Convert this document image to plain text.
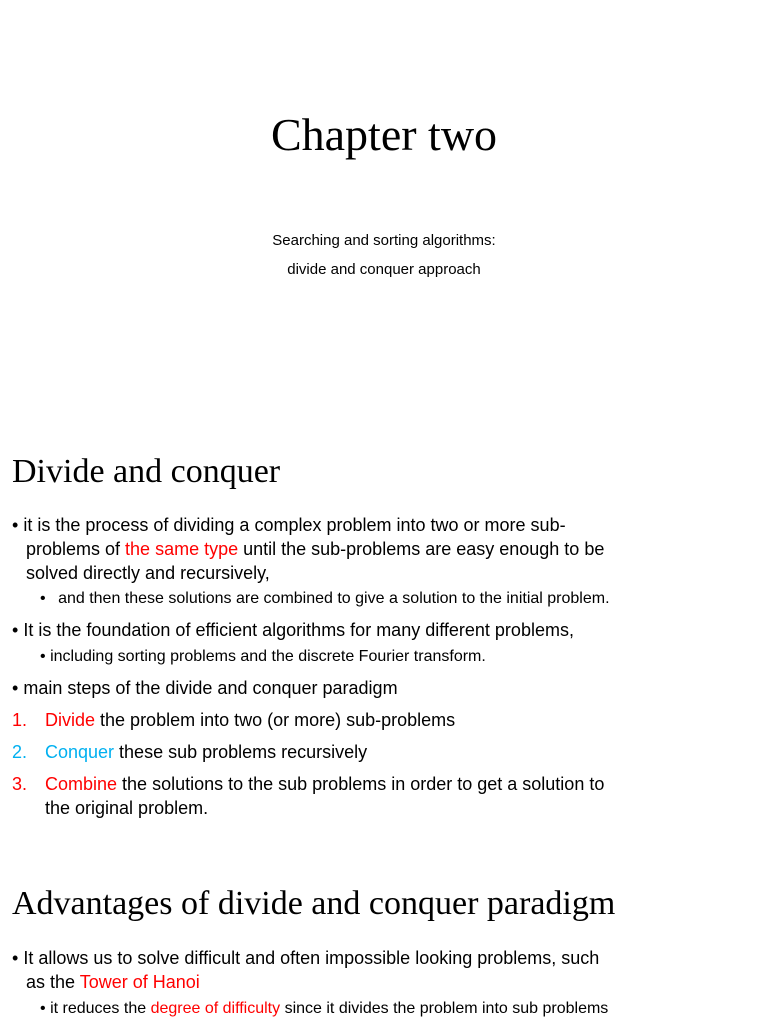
Chapter two
Searching and sorting algorithms:
divide and conquer approach
Divide and conquer
• it is the process of dividing a complex problem into two or more sub-
problems of the same type until the sub-problems are easy enough to be
solved directly and recursively,
• and then these solutions are combined to give a solution to the initial problem.
• It is the foundation of efficient algorithms for many different problems,
• including sorting problems and the discrete Fourier transform.
• main steps of the divide and conquer paradigm
1. Divide the problem into two (or more) sub-problems
2. Conquer these sub problems recursively
3. Combine the solutions to the sub problems in order to get a solution to
the original problem.
Advantages of divide and conquer paradigm
• It allows us to solve difficult and often impossible looking problems, such
as the Tower of Hanoi
• it reduces the degree of difficulty since it divides the problem into sub problems
